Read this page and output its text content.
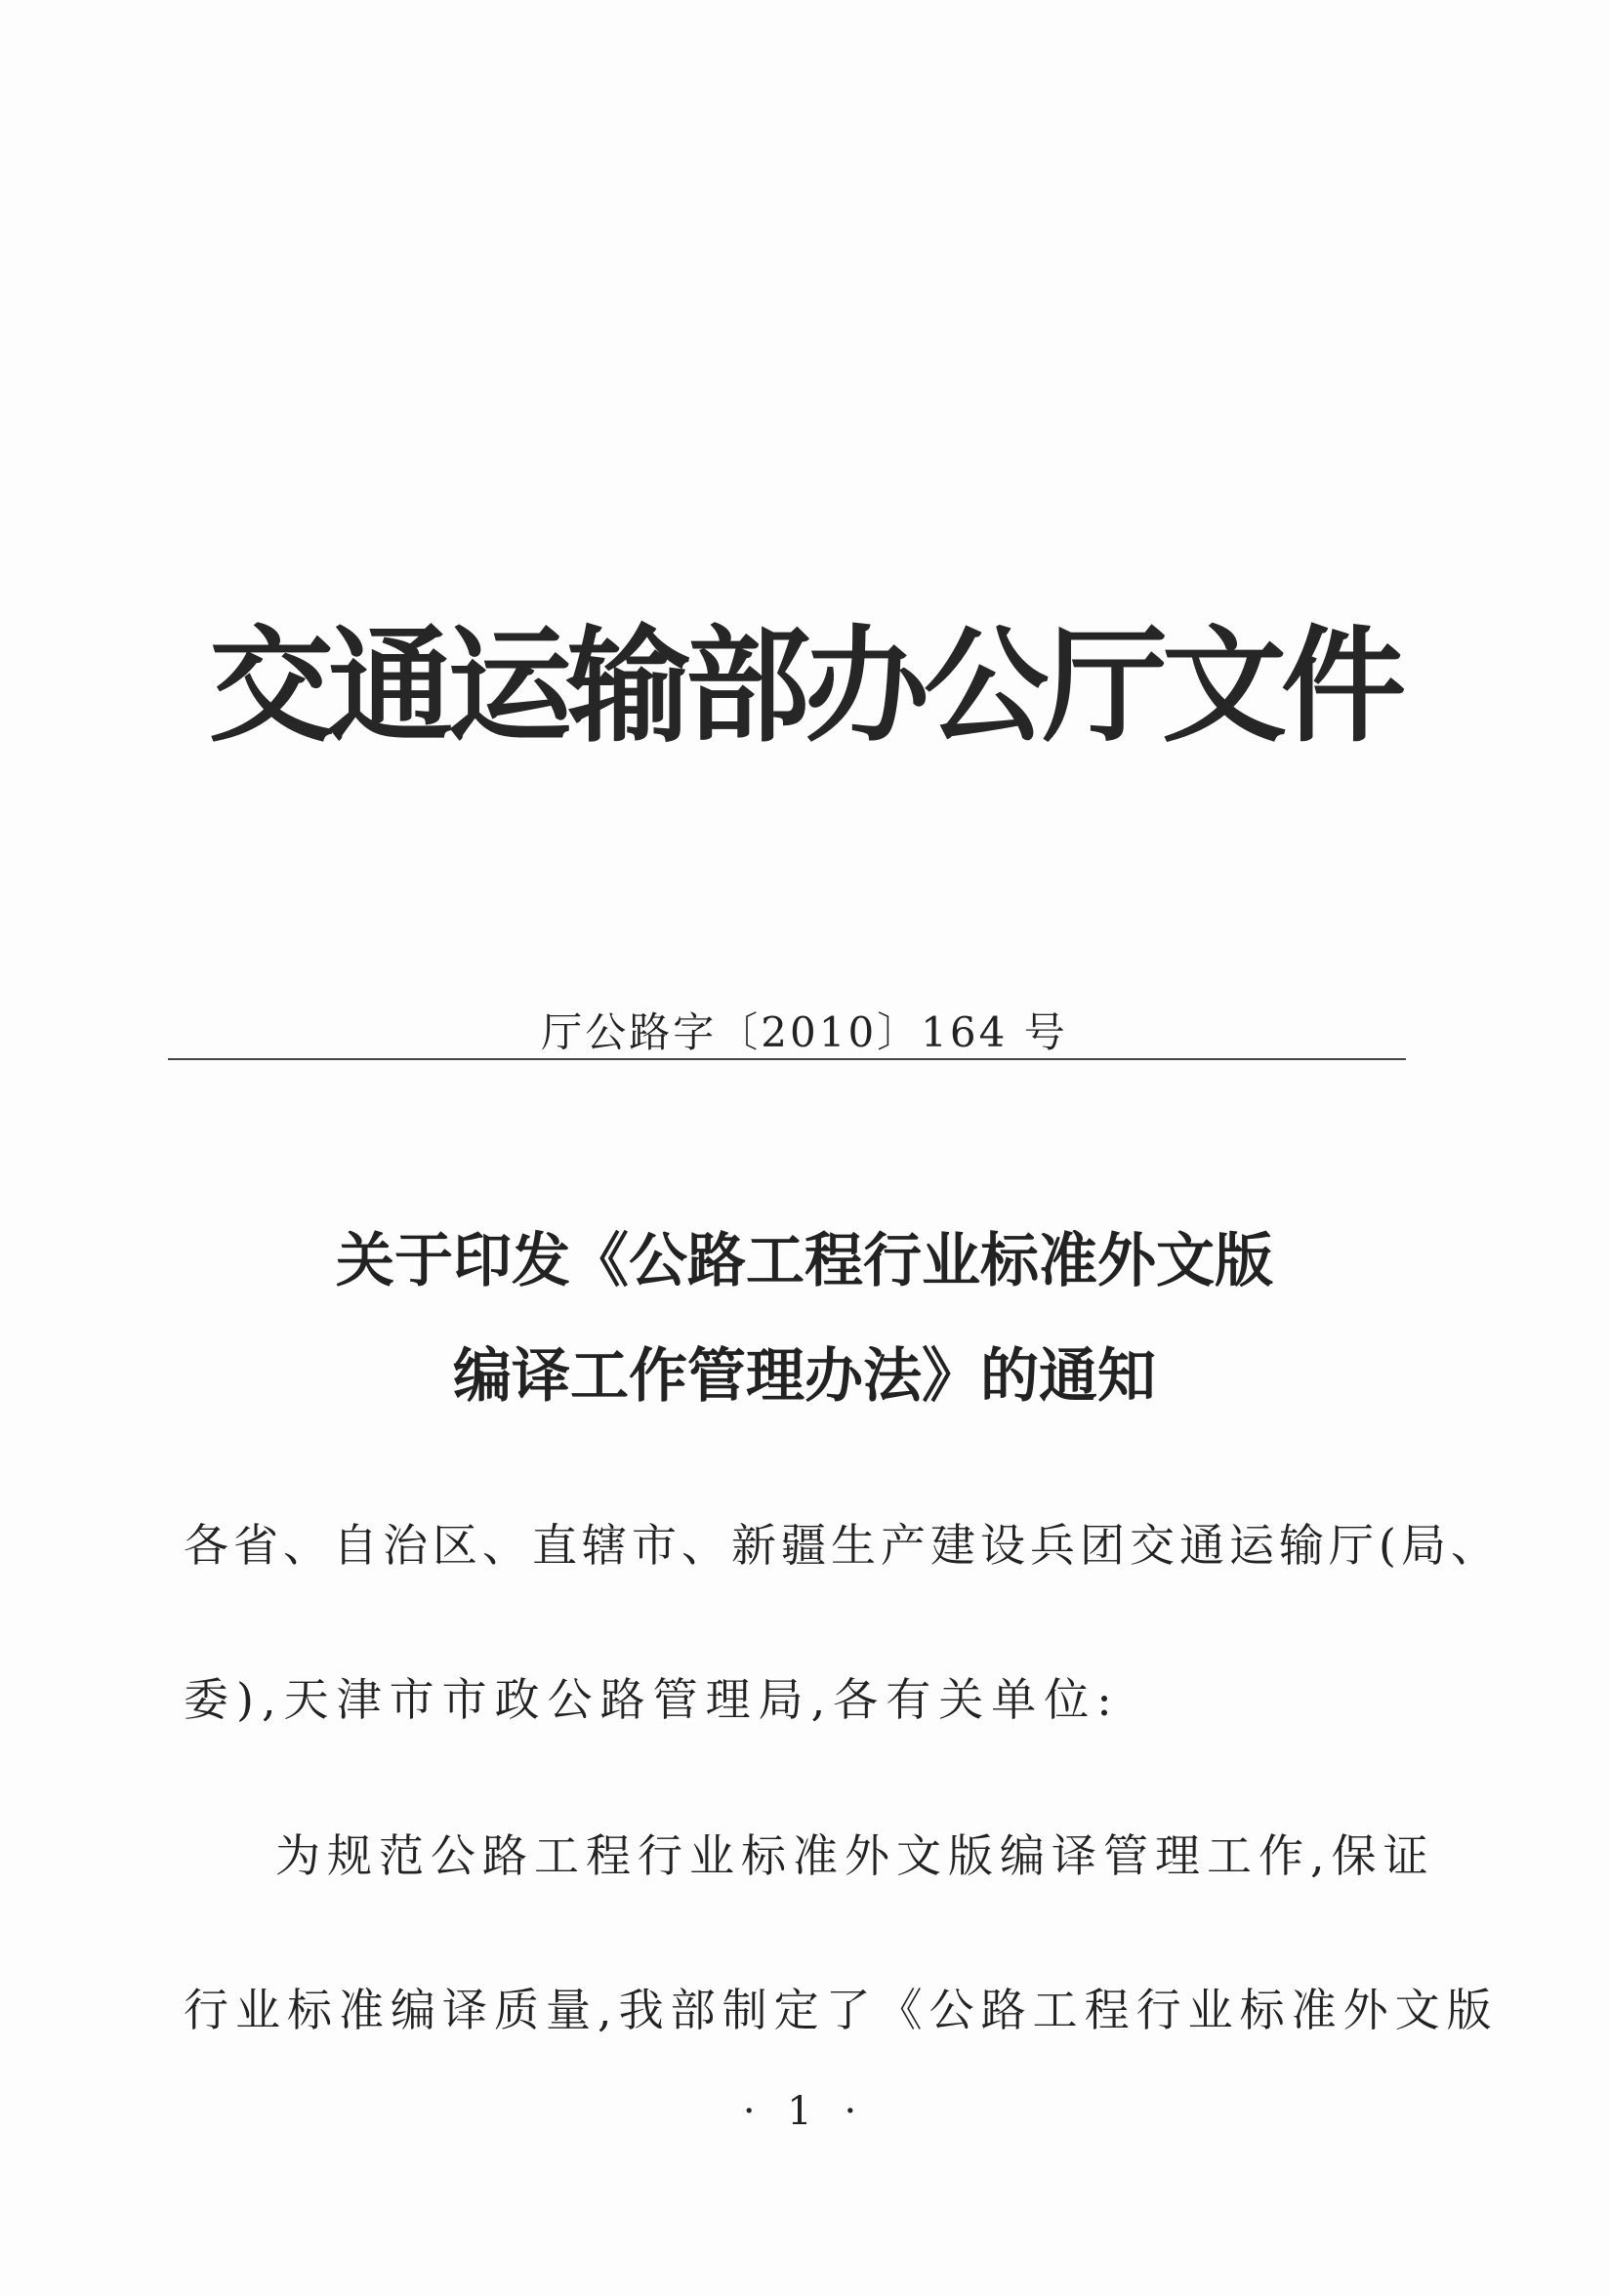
交通运输部办公厅文件
厅公路字〔2010〕164 号
关于印发《公路工程行业标准外文版
编译工作管理办法》的通知
各省、自治区、直辖市、新疆生产建设兵团交通运输厅(局、
委),天津市市政公路管理局,各有关单位:
为规范公路工程行业标准外文版编译管理工作,保证
行业标准编译质量,我部制定了《公路工程行业标准外文版
· 1 ·
